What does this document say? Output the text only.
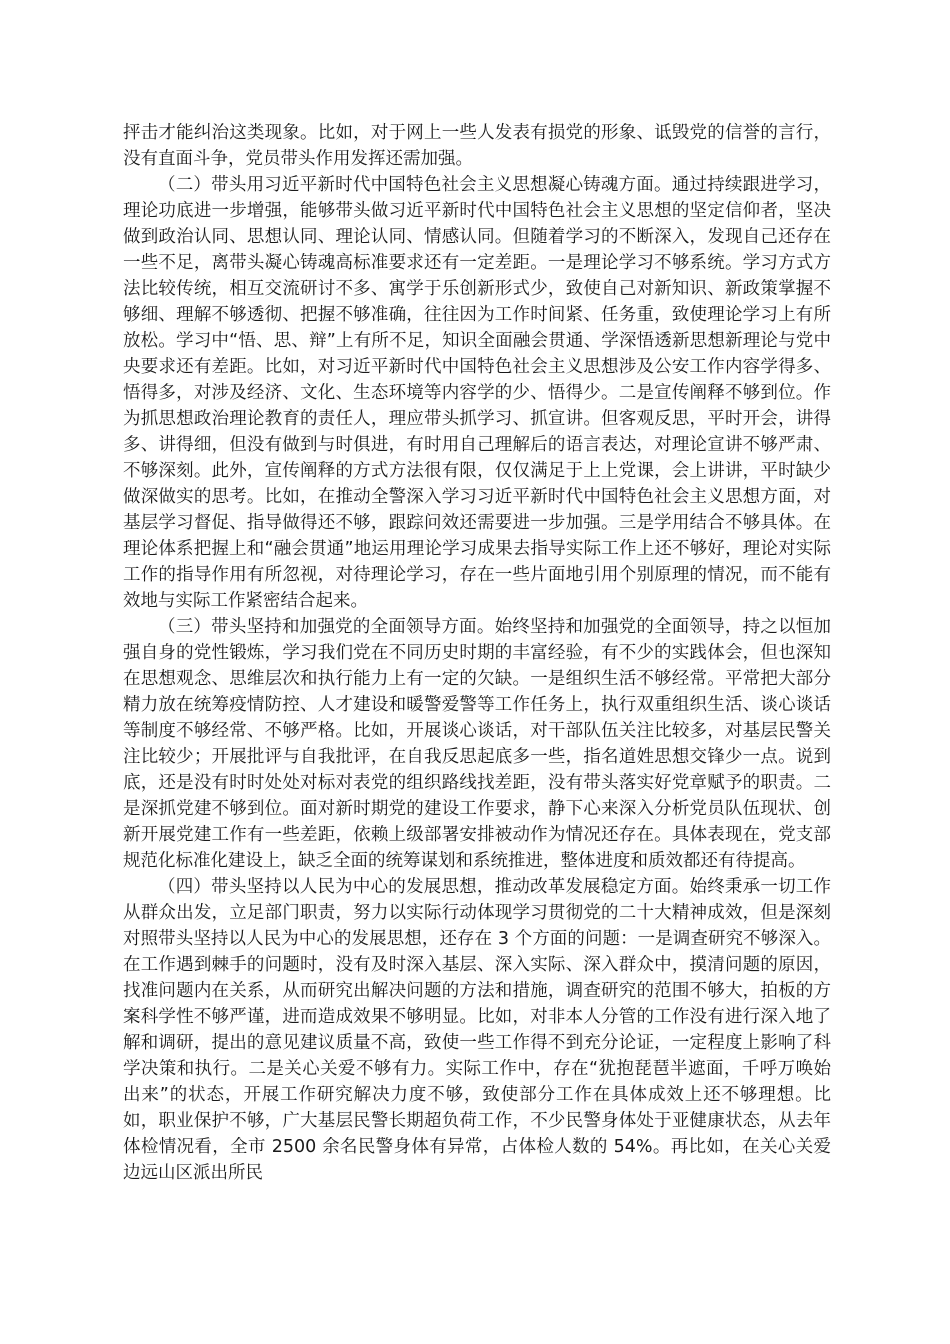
抨击才能纠治这类现象。比如，对于网上一些人发表有损党的形象、诋毁党的信誉的言行，没有直面斗争，党员带头作用发挥还需加强。

（二）带头用习近平新时代中国特色社会主义思想凝心铸魂方面。通过持续跟进学习，理论功底进一步增强，能够带头做习近平新时代中国特色社会主义思想的坚定信仰者，坚决做到政治认同、思想认同、理论认同、情感认同。但随着学习的不断深入，发现自己还存在一些不足，离带头凝心铸魂高标准要求还有一定差距。一是理论学习不够系统。学习方式方法比较传统，相互交流研讨不多、寓学于乐创新形式少，致使自己对新知识、新政策掌握不够细、理解不够透彻、把握不够准确，往往因为工作时间紧、任务重，致使理论学习上有所放松。学习中“悟、思、辩”上有所不足，知识全面融会贯通、学深悟透新思想新理论与党中央要求还有差距。比如，对习近平新时代中国特色社会主义思想涉及公安工作内容学得多、悟得多，对涉及经济、文化、生态环境等内容学的少、悟得少。二是宣传阐释不够到位。作为抓思想政治理论教育的责任人，理应带头抓学习、抓宣讲。但客观反思，平时开会，讲得多、讲得细，但没有做到与时俱进，有时用自己理解后的语言表达，对理论宣讲不够严肃、不够深刻。此外，宣传阐释的方式方法很有限，仅仅满足于上上党课，会上讲讲，平时缺少做深做实的思考。比如，在推动全警深入学习习近平新时代中国特色社会主义思想方面，对基层学习督促、指导做得还不够，跟踪问效还需要进一步加强。三是学用结合不够具体。在理论体系把握上和“融会贯通”地运用理论学习成果去指导实际工作上还不够好，理论对实际工作的指导作用有所忽视，对待理论学习，存在一些片面地引用个别原理的情况，而不能有效地与实际工作紧密结合起来。

（三）带头坚持和加强党的全面领导方面。始终坚持和加强党的全面领导，持之以恒加强自身的党性锻炼，学习我们党在不同历史时期的丰富经验，有不少的实践体会，但也深知在思想观念、思维层次和执行能力上有一定的欠缺。一是组织生活不够经常。平常把大部分精力放在统筹疫情防控、人才建设和暖警爱警等工作任务上，执行双重组织生活、谈心谈话等制度不够经常、不够严格。比如，开展谈心谈话，对干部队伍关注比较多，对基层民警关注比较少；开展批评与自我批评，在自我反思起底多一些，指名道姓思想交锋少一点。说到底，还是没有时时处处对标对表党的组织路线找差距，没有带头落实好党章赋予的职责。二是深抓党建不够到位。面对新时期党的建设工作要求，静下心来深入分析党员队伍现状、创新开展党建工作有一些差距，依赖上级部署安排被动作为情况还存在。具体表现在，党支部规范化标准化建设上，缺乏全面的统筹谋划和系统推进，整体进度和质效都还有待提高。

（四）带头坚持以人民为中心的发展思想，推动改革发展稳定方面。始终秉承一切工作从群众出发，立足部门职责，努力以实际行动体现学习贯彻党的二十大精神成效，但是深刻对照带头坚持以人民为中心的发展思想，还存在 3 个方面的问题：一是调查研究不够深入。在工作遇到棘手的问题时，没有及时深入基层、深入实际、深入群众中，摸清问题的原因，找准问题内在关系，从而研究出解决问题的方法和措施，调查研究的范围不够大，拍板的方案科学性不够严谨，进而造成效果不够明显。比如，对非本人分管的工作没有进行深入地了解和调研，提出的意见建议质量不高，致使一些工作得不到充分论证，一定程度上影响了科学决策和执行。二是关心关爱不够有力。实际工作中，存在“犹抱琵琶半遮面，千呼万唤始出来”的状态，开展工作研究解决力度不够，致使部分工作在具体成效上还不够理想。比如，职业保护不够，广大基层民警长期超负荷工作，不少民警身体处于亚健康状态，从去年体检情况看，全市 2500 余名民警身体有异常，占体检人数的 54%。再比如，在关心关爱边远山区派出所民
